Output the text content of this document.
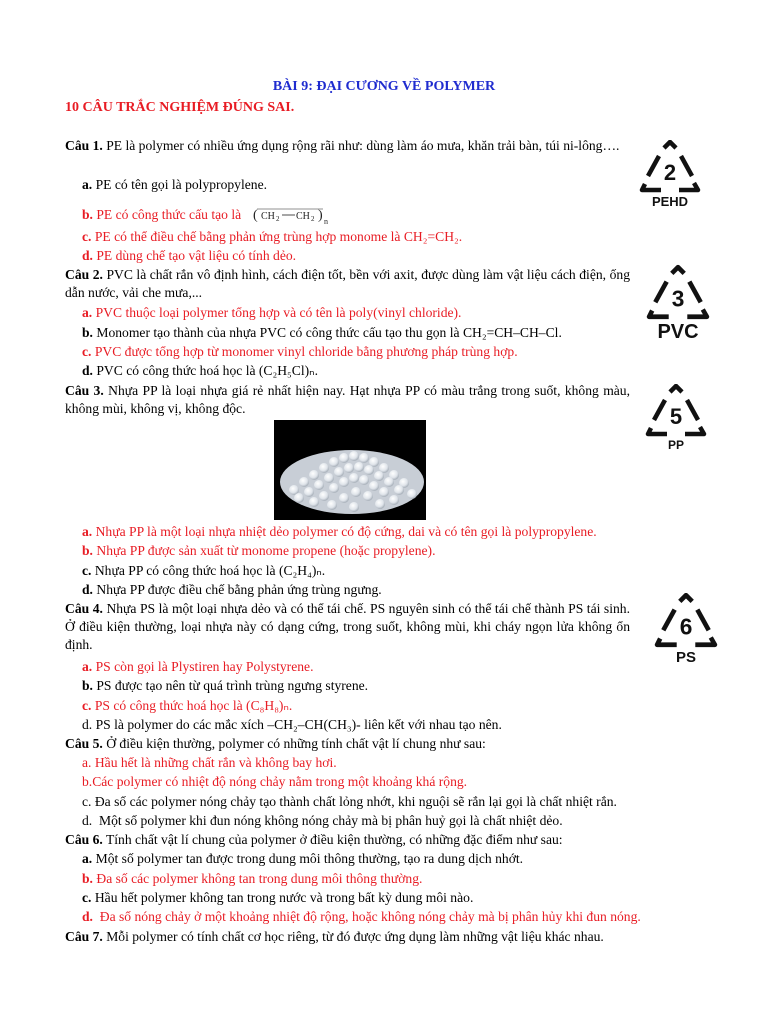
BÀI 9: ĐẠI CƯƠNG VỀ POLYMER
10 CÂU TRẮC NGHIỆM ĐÚNG SAI.
Câu 1. PE là polymer có nhiều ứng dụng rộng rãi như: dùng làm áo mưa, khăn trải bàn, túi ni-lông….
a. PE có tên gọi là polypropylene.
b. PE có công thức cấu tạo là ( CH 2 CH 2 ) n
c. PE có thể điều chế bằng phản ứng trùng hợp monome là CH₂=CH₂.
d. PE dùng chế tạo vật liệu có tính dẻo.
Câu 2. PVC là chất rắn vô định hình, cách điện tốt, bền với axit, được dùng làm vật liệu cách điện, ống dẫn nước, vải che mưa,...
a. PVC thuộc loại polymer tổng hợp và có tên là poly(vinyl chloride).
b. Monomer tạo thành của nhựa PVC có công thức cấu tạo thu gọn là CH₂=CH–CH–Cl.
c. PVC được tổng hợp từ monomer vinyl chloride bằng phương pháp trùng hợp.
d. PVC có công thức hoá học là (C₂H₅Cl)ₙ.
Câu 3. Nhựa PP là loại nhựa giá rẻ nhất hiện nay. Hạt nhựa PP có màu trắng trong suốt, không màu, không mùi, không vị, không độc.
a. Nhựa PP là một loại nhựa nhiệt dẻo polymer có độ cứng, dai và có tên gọi là polypropylene.
b. Nhựa PP được sản xuất từ monome propene (hoặc propylene).
c. Nhựa PP có công thức hoá học là (C₂H₄)ₙ.
d. Nhựa PP được điều chế bằng phản ứng trùng ngưng.
Câu 4. Nhựa PS là một loại nhựa dẻo và có thể tái chế. PS nguyên sinh có thể tái chế thành PS tái sinh. Ở điều kiện thường, loại nhựa này có dạng cứng, trong suốt, không mùi, khi cháy ngọn lửa không ổn định.
a. PS còn gọi là Plystiren hay Polystyrene.
b. PS được tạo nên từ quá trình trùng ngưng styrene.
c. PS có công thức hoá học là (C₈H₈)ₙ.
d. PS là polymer do các mắc xích –CH₂–CH(CH₃)- liên kết với nhau tạo nên.
Câu 5. Ở điều kiện thường, polymer có những tính chất vật lí chung như sau:
a. Hầu hết là những chất rắn và không bay hơi.
b.Các polymer có nhiệt độ nóng chảy nằm trong một khoảng khá rộng.
c. Đa số các polymer nóng chảy tạo thành chất lỏng nhớt, khi nguội sẽ rắn lại gọi là chất nhiệt rắn.
d. Một số polymer khi đun nóng không nóng chảy mà bị phân huỷ gọi là chất nhiệt dẻo.
Câu 6. Tính chất vật lí chung của polymer ở điều kiện thường, có những đặc điểm như sau:
a. Một số polymer tan được trong dung môi thông thường, tạo ra dung dịch nhớt.
b. Đa số các polymer không tan trong dung môi thông thường.
c. Hầu hết polymer không tan trong nước và trong bất kỳ dung môi nào.
d. Đa số nóng chảy ở một khoảng nhiệt độ rộng, hoặc không nóng chảy mà bị phân hủy khi đun nóng.
Câu 7. Mỗi polymer có tính chất cơ học riêng, từ đó được ứng dụng làm những vật liệu khác nhau.
2
PEHD
3
PVC
5
PP
6
PS
